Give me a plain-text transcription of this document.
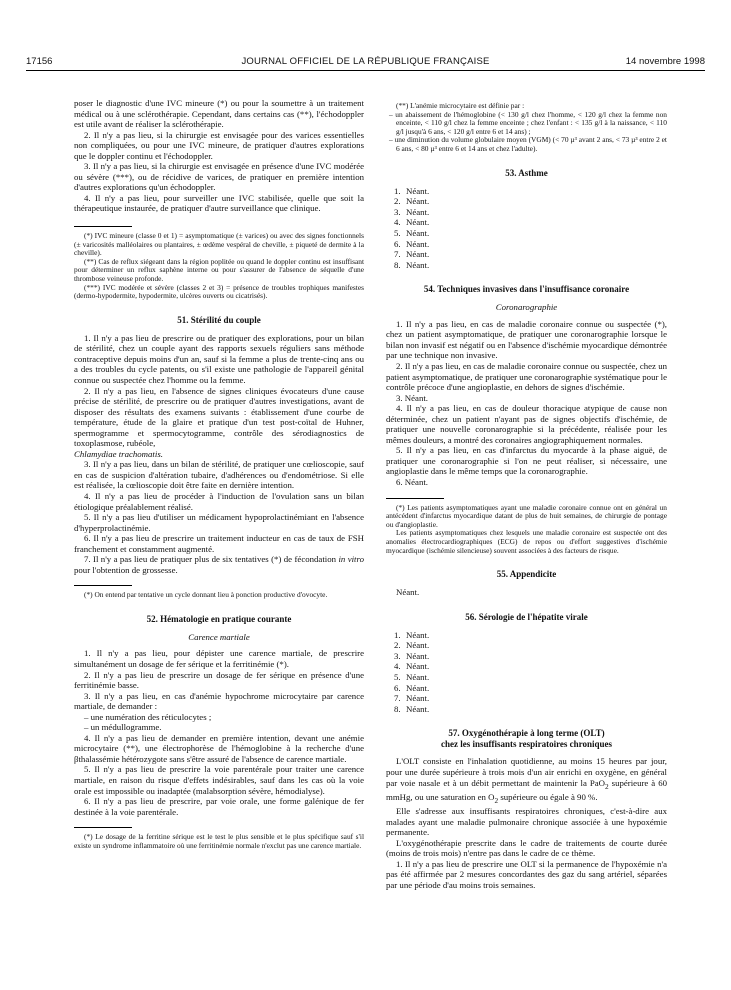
17156	JOURNAL OFFICIEL DE LA RÉPUBLIQUE FRANÇAISE	14 novembre 1998

poser le diagnostic d'une IVC mineure (*) ou pour la soumettre à un traitement médical ou à une sclérothérapie. Cependant, dans certains cas (**), l'échodoppler est utile avant de réaliser la sclérothérapie.

2. Il n'y a pas lieu, si la chirurgie est envisagée pour des varices essentielles non compliquées, ou pour une IVC mineure, de pratiquer d'autres explorations que le doppler continu et l'échodoppler.

3. Il n'y a pas lieu, si la chirurgie est envisagée en présence d'une IVC modérée ou sévère (***), ou de récidive de varices, de pratiquer en première intention d'autres explorations qu'un échodoppler.

4. Il n'y a pas lieu, pour surveiller une IVC stabilisée, quelle que soit la thérapeutique instaurée, de pratiquer d'autre surveillance que clinique.

(*) IVC mineure (classe 0 et 1) = asymptomatique (± varices) ou avec des signes fonctionnels (± varicosités malléolaires ou plantaires, ± œdème vespéral de cheville, ± piqueté de dermite à la cheville).

(**) Cas de reflux siégeant dans la région poplitée ou quand le doppler continu est insuffisant pour déterminer un reflux saphène interne ou pour s'assurer de l'absence de séquelle d'une thrombose veineuse profonde.

(***) IVC modérée et sévère (classes 2 et 3) = présence de troubles trophiques manifestes (dermo-hypodermite, hypodermite, ulcères ouverts ou cicatrisés).

51. Stérilité du couple

1. Il n'y a pas lieu de prescrire ou de pratiquer des explorations, pour un bilan de stérilité, chez un couple ayant des rapports sexuels réguliers sans méthode contraceptive depuis moins d'un an, sauf si la femme a plus de trente-cinq ans ou a des troubles du cycle patents, ou s'il existe une pathologie de l'appareil génital connue ou suspectée chez l'homme ou la femme.

2. Il n'y a pas lieu, en l'absence de signes cliniques évocateurs d'une cause précise de stérilité, de prescrire ou de pratiquer d'autres investigations, avant de disposer des résultats des examens suivants : établissement d'une courbe de température, étude de la glaire et pratique d'un test post-coïtal de Huhner, spermogramme et spermocytogramme, contrôle des sérodiagnostics de toxoplasmose, rubéole,

Chlamydiae trachomatis.

3. Il n'y a pas lieu, dans un bilan de stérilité, de pratiquer une cœlioscopie, sauf en cas de suspicion d'altération tubaire, d'adhérences ou d'endométriose. Si elle est réalisée, la cœlioscopie doit être faite en dernière intention.

4. Il n'y a pas lieu de procéder à l'induction de l'ovulation sans un bilan étiologique préalablement réalisé.

5. Il n'y a pas lieu d'utiliser un médicament hypoprolactinémiant en l'absence d'hyperprolactinémie.

6. Il n'y a pas lieu de prescrire un traitement inducteur en cas de taux de FSH franchement et constamment augmenté.

7. Il n'y a pas lieu de pratiquer plus de six tentatives (*) de fécondation in vitro pour l'obtention de grossesse.

(*) On entend par tentative un cycle donnant lieu à ponction productive d'ovocyte.

52. Hématologie en pratique courante
Carence martiale

1. Il n'y a pas lieu, pour dépister une carence martiale, de prescrire simultanément un dosage de fer sérique et la ferritinémie (*).

2. Il n'y a pas lieu de prescrire un dosage de fer sérique en présence d'une ferritinémie basse.

3. Il n'y a pas lieu, en cas d'anémie hypochrome microcytaire par carence martiale, de demander :

– une numération des réticulocytes ;

– un médullogramme.

4. Il n'y a pas lieu de demander en première intention, devant une anémie microcytaire (**), une électrophorèse de l'hémoglobine à la recherche d'une βthalassémie hétérozygote sans s'être assuré de l'absence de carence martiale.

5. Il n'y a pas lieu de prescrire la voie parentérale pour traiter une carence martiale, en raison du risque d'effets indésirables, sauf dans les cas où la voie orale est impossible ou inadaptée (malabsorption sévère, hémodialyse).

6. Il n'y a pas lieu de prescrire, par voie orale, une forme galénique de fer destinée à la voie parentérale.

(*) Le dosage de la ferritine sérique est le test le plus sensible et le plus spécifique sauf s'il existe un syndrome inflammatoire où une ferritinémie normale n'exclut pas une carence martiale.

(**) L'anémie microcytaire est définie par :

– un abaissement de l'hémoglobine (< 130 g/l chez l'homme, < 120 g/l chez la femme non enceinte, < 110 g/l chez la femme enceinte ; chez l'enfant : < 135 g/l à la naissance, < 110 g/l jusqu'à 6 ans, < 120 g/l entre 6 et 14 ans) ;

– une diminution du volume globulaire moyen (VGM) (< 70 µ³ avant 2 ans, < 73 µ³ entre 2 et 6 ans, < 80 µ³ entre 6 et 14 ans et chez l'adulte).

53. Asthme
1. Néant.
2. Néant.
3. Néant.
4. Néant.
5. Néant.
6. Néant.
7. Néant.
8. Néant.
54. Techniques invasives dans l'insuffisance coronaire
Coronarographie

1. Il n'y a pas lieu, en cas de maladie coronaire connue ou suspectée (*), chez un patient asymptomatique, de pratiquer une coronarographie lorsque le bilan non invasif est négatif ou en l'absence d'ischémie myocardique démontrée par une technique non invasive.

2. Il n'y a pas lieu, en cas de maladie coronaire connue ou suspectée, chez un patient asymptomatique, de pratiquer une coronarographie systématique pour le contrôle précoce d'une angioplastie, en dehors de signes d'ischémie.

3. Néant.

4. Il n'y a pas lieu, en cas de douleur thoracique atypique de cause non déterminée, chez un patient n'ayant pas de signes objectifs d'ischémie, de pratiquer une nouvelle coronarographie si la précédente, réalisée pour les mêmes douleurs, a montré des coronaires angiographiquement normales.

5. Il n'y a pas lieu, en cas d'infarctus du myocarde à la phase aiguë, de pratiquer une coronarographie si l'on ne peut réaliser, si nécessaire, une angioplastie dans le même temps que la coronarographie.

6. Néant.

(*) Les patients asymptomatiques ayant une maladie coronaire connue ont en général un antécédent d'infarctus myocardique datant de plus de huit semaines, de chirurgie de pontage ou d'angioplastie.

Les patients asymptomatiques chez lesquels une maladie coronaire est suspectée ont des anomalies électrocardiographiques (ECG) de repos ou d'effort suggestives d'ischémie myocardique (ischémie silencieuse) souvent associées à des facteurs de risque.

55. Appendicite

Néant.

56. Sérologie de l'hépatite virale
1. Néant.
2. Néant.
3. Néant.
4. Néant.
5. Néant.
6. Néant.
7. Néant.
8. Néant.
57. Oxygénothérapie à long terme (OLT)
chez les insuffisants respiratoires chroniques

L'OLT consiste en l'inhalation quotidienne, au moins 15 heures par jour, pour une durée supérieure à trois mois d'un air enrichi en oxygène, en général par voie nasale et à un débit permettant de maintenir la PaO$_2$ supérieure à 60 mmHg, ou une saturation en $O_2$ supérieure ou égale à 90 %.

Elle s'adresse aux insuffisants respiratoires chroniques, c'est-à-dire aux malades ayant une maladie pulmonaire chronique associée à une hypoxémie permanente.

L'oxygénothérapie prescrite dans le cadre de traitements de courte durée (moins de trois mois) n'entre pas dans le cadre de ce thème.

1. Il n'y a pas lieu de prescrire une OLT si la permanence de l'hypoxémie n'a pas été affirmée par 2 mesures concordantes des gaz du sang artériel, séparées par une période d'au moins trois semaines.
